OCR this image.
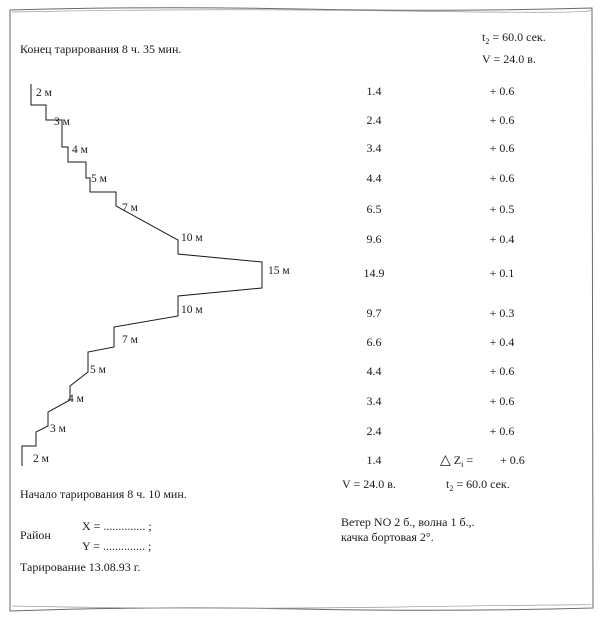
Конец тарирования 8 ч. 35 мин.
$t_2 = 60.0$ сек.
V = 24.0 в.
2 м
3 м
4 м
5 м
7 м
10 м
15 м
10 м
7 м
5 м
4 м
3 м
2 м
1.4
2.4
3.4
4.4
6.5
9.6
14.9
9.7
6.6
4.4
3.4
2.4
1.4
+ 0.6
+ 0.6
+ 0.6
+ 0.6
+ 0.5
+ 0.4
+ 0.1
+ 0.3
+ 0.4
+ 0.6
+ 0.6
+ 0.6
△ $Z_i$ = + 0.6
V = 24.0 в.	$t_2 = 60.0$ сек.
Начало тарирования 8 ч. 10 мин.
Район
X = .............. ;
Y = .............. ;
Тарирование 13.08.93 г.
Ветер NO 2 б., волна 1 б.,.
качка бортовая 2°.
